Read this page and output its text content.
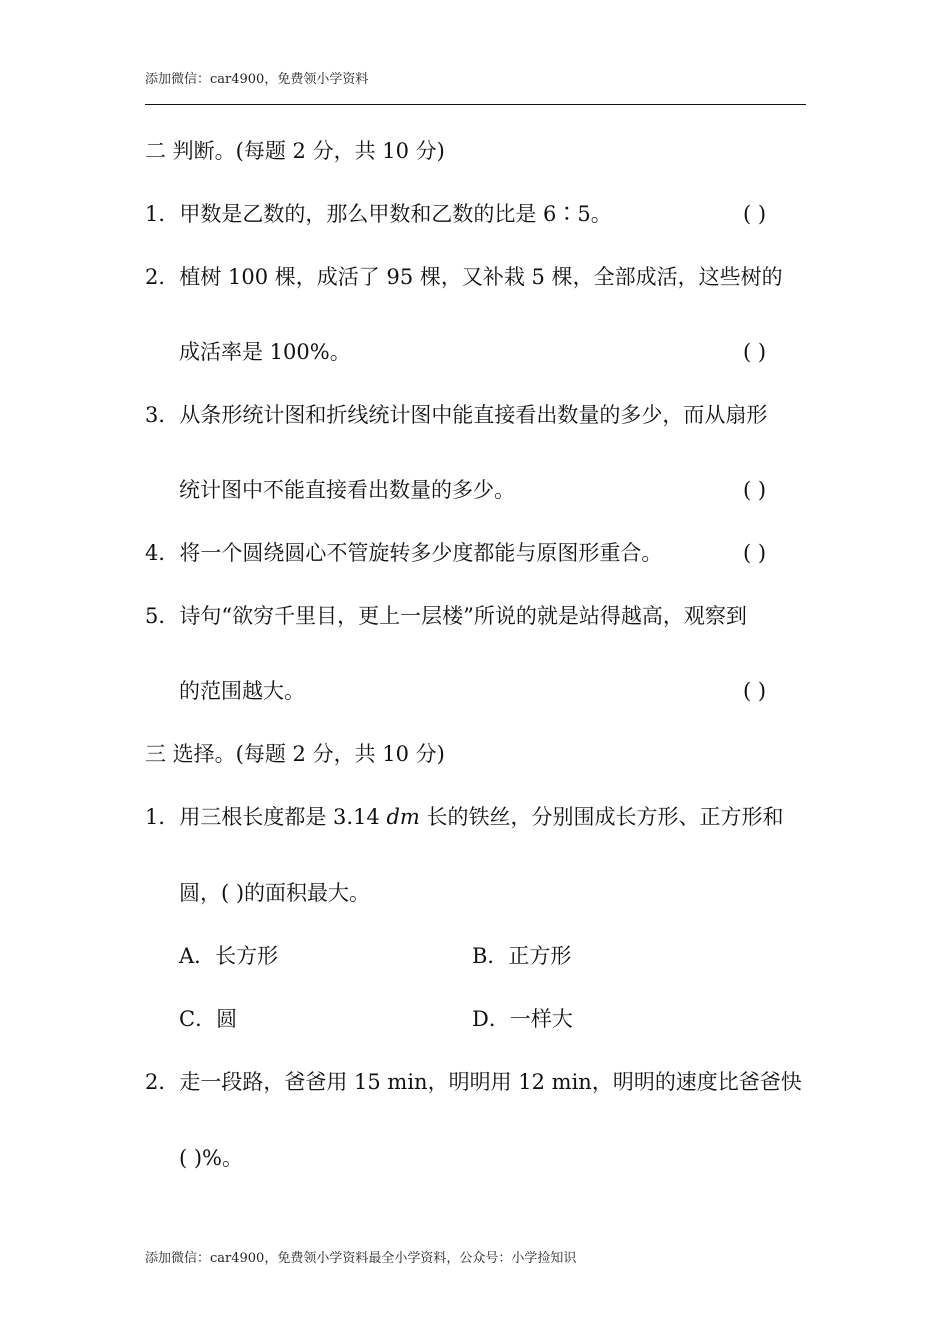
添加微信：car4900，免费领小学资料
二 判断。(每题 2 分，共 10 分)
1．甲数是乙数的，那么甲数和乙数的比是 6∶5。	( )
2．植树 100 棵，成活了 95 棵，又补栽 5 棵，全部成活，这些树的
成活率是 100%。	( )
3．从条形统计图和折线统计图中能直接看出数量的多少，而从扇形
统计图中不能直接看出数量的多少。	( )
4．将一个圆绕圆心不管旋转多少度都能与原图形重合。	( )
5．诗句“欲穷千里目，更上一层楼”所说的就是站得越高，观察到
的范围越大。	( )
三 选择。(每题 2 分，共 10 分)
1．用三根长度都是 3.14 dm 长的铁丝，分别围成长方形、正方形和
圆，( )的面积最大。
A．长方形	B．正方形
C．圆	D．一样大
2．走一段路，爸爸用 15 min，明明用 12 min，明明的速度比爸爸快
( )%。
添加微信：car4900，免费领小学资料最全小学资料，公众号：小学捡知识
